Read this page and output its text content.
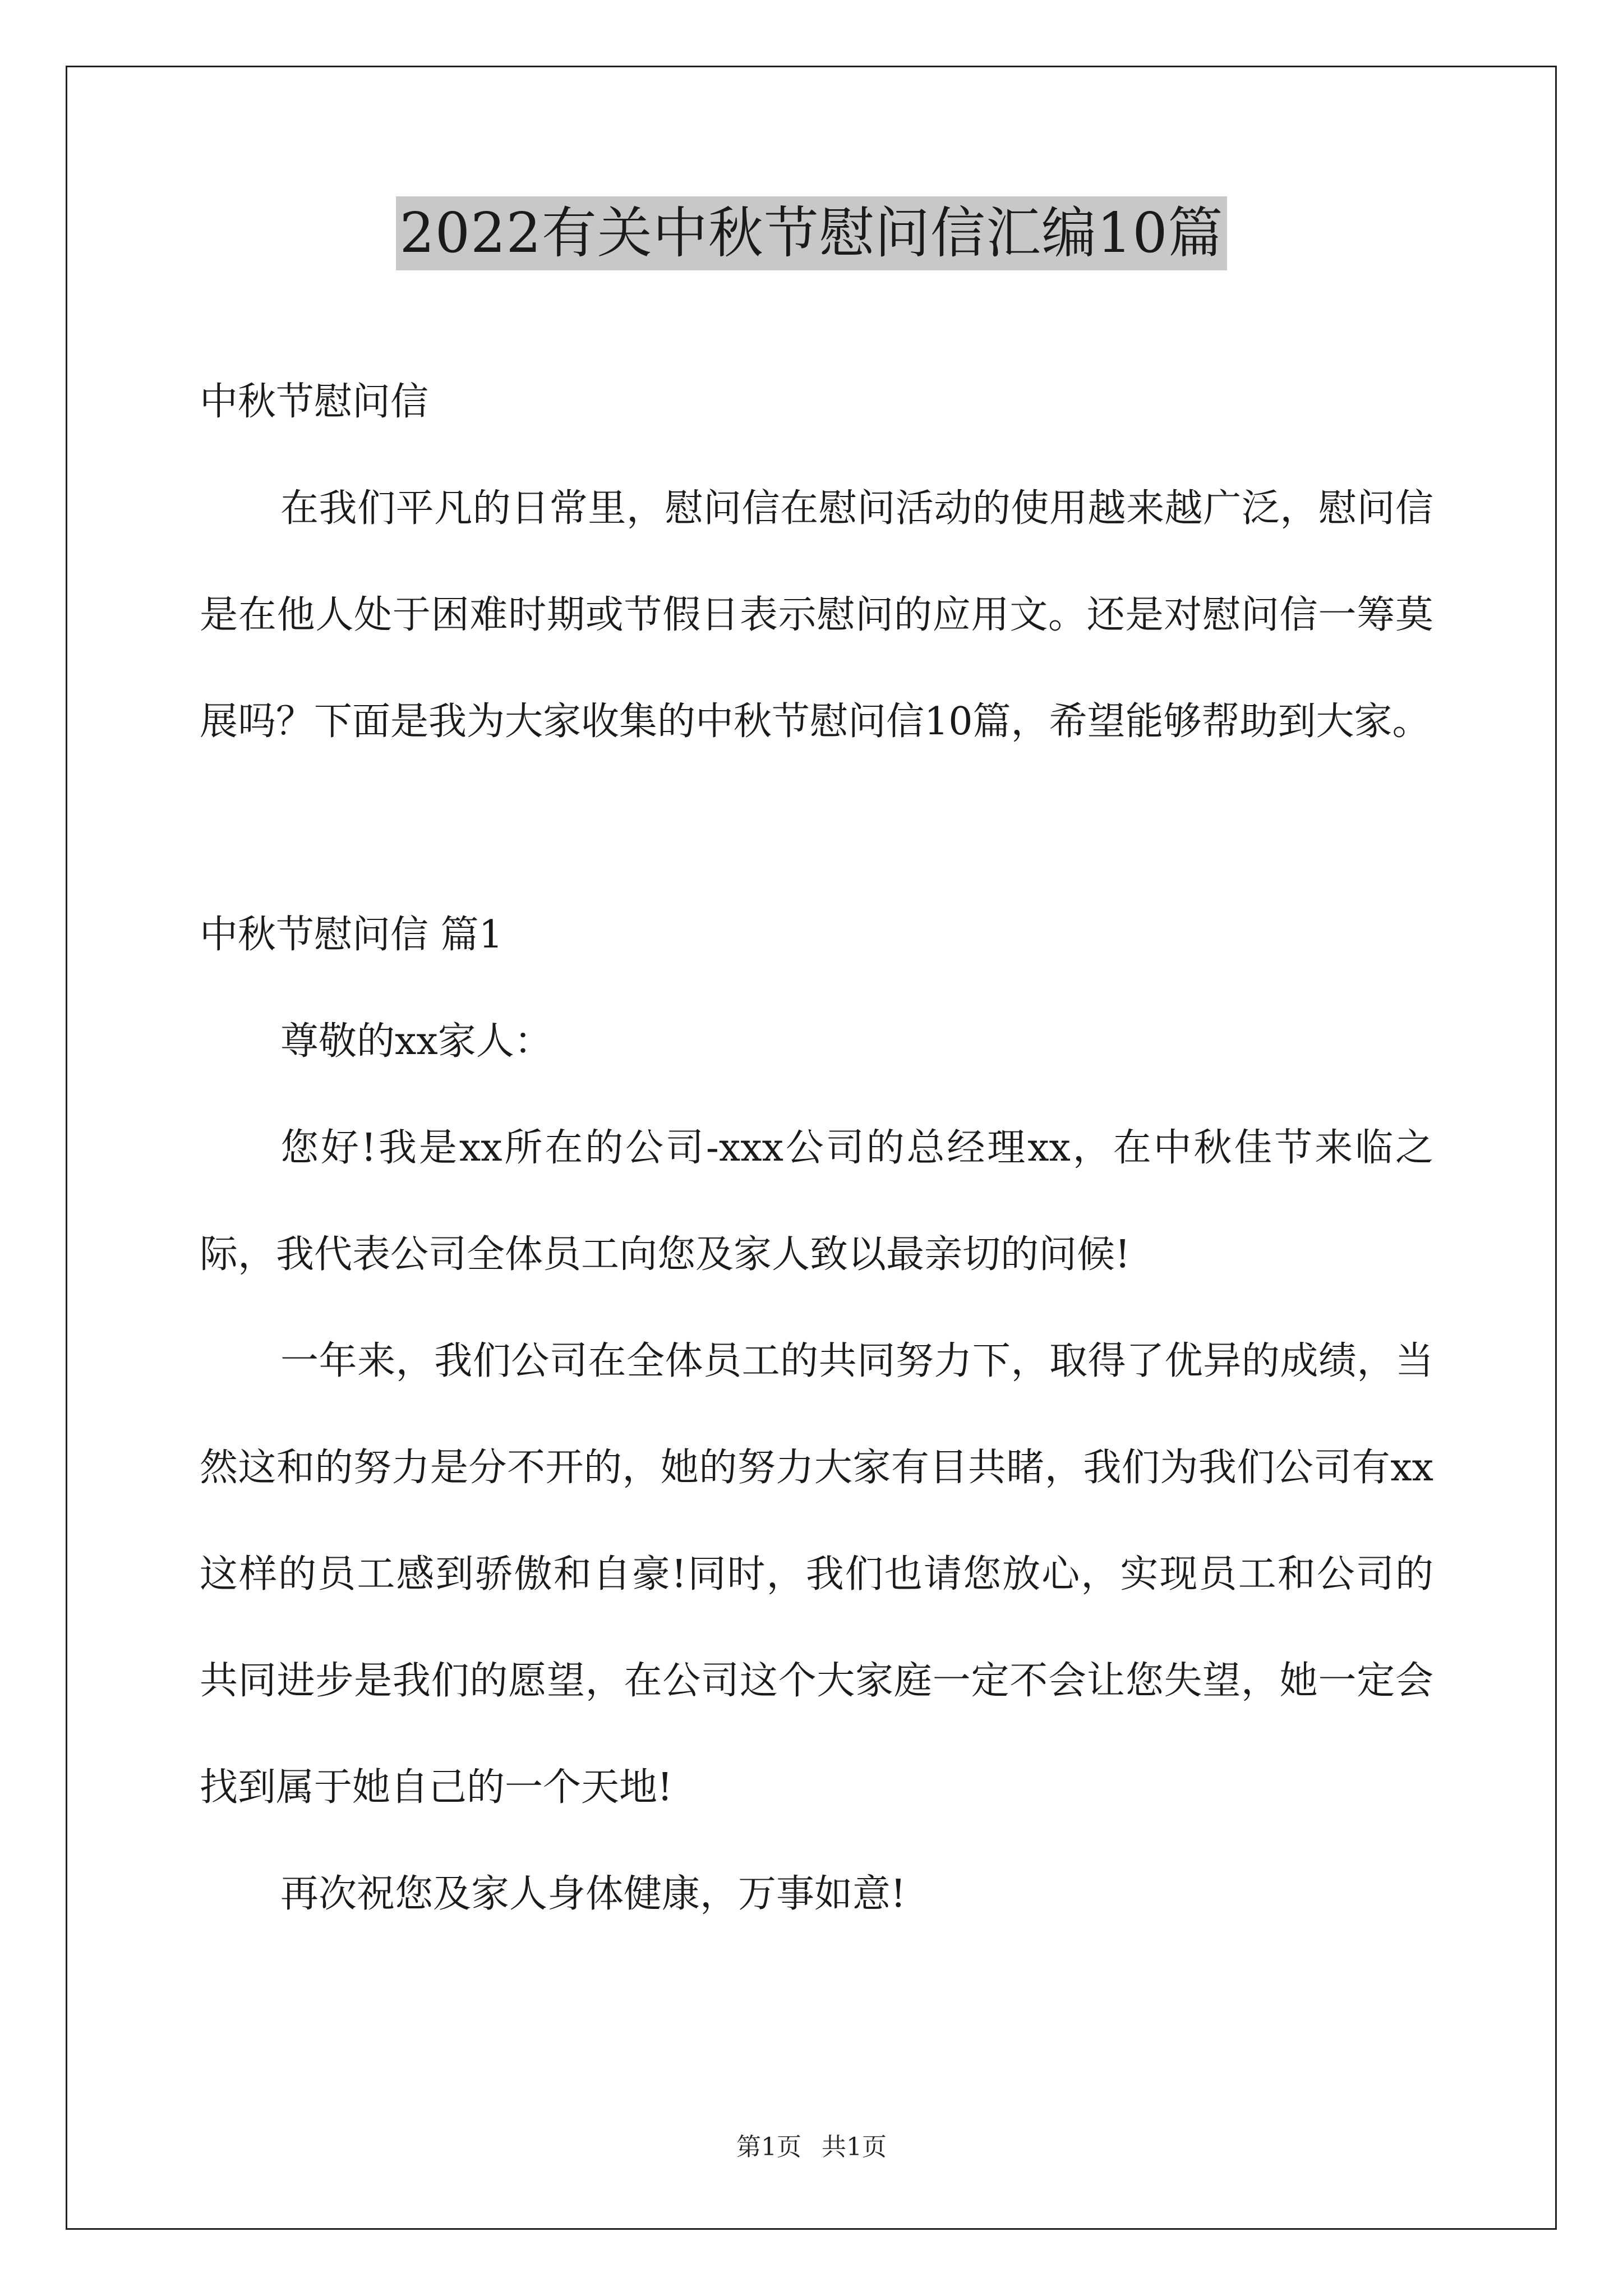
2022有关中秋节慰问信汇编10篇

中秋节慰问信

在我们平凡的日常里，慰问信在慰问活动的使用越来越广泛，慰问信是在他人处于困难时期或节假日表示慰问的应用文。还是对慰问信一筹莫展吗？下面是我为大家收集的中秋节慰问信10篇，希望能够帮助到大家。

中秋节慰问信 篇1

尊敬的xx家人：

您好!我是xx所在的公司-xxx公司的总经理xx，在中秋佳节来临之际，我代表公司全体员工向您及家人致以最亲切的问候!

一年来，我们公司在全体员工的共同努力下，取得了优异的成绩，当然这和的努力是分不开的，她的努力大家有目共睹，我们为我们公司有xx这样的员工感到骄傲和自豪!同时，我们也请您放心，实现员工和公司的共同进步是我们的愿望，在公司这个大家庭一定不会让您失望，她一定会找到属于她自己的一个天地!

再次祝您及家人身体健康，万事如意!

第1页 共1页
